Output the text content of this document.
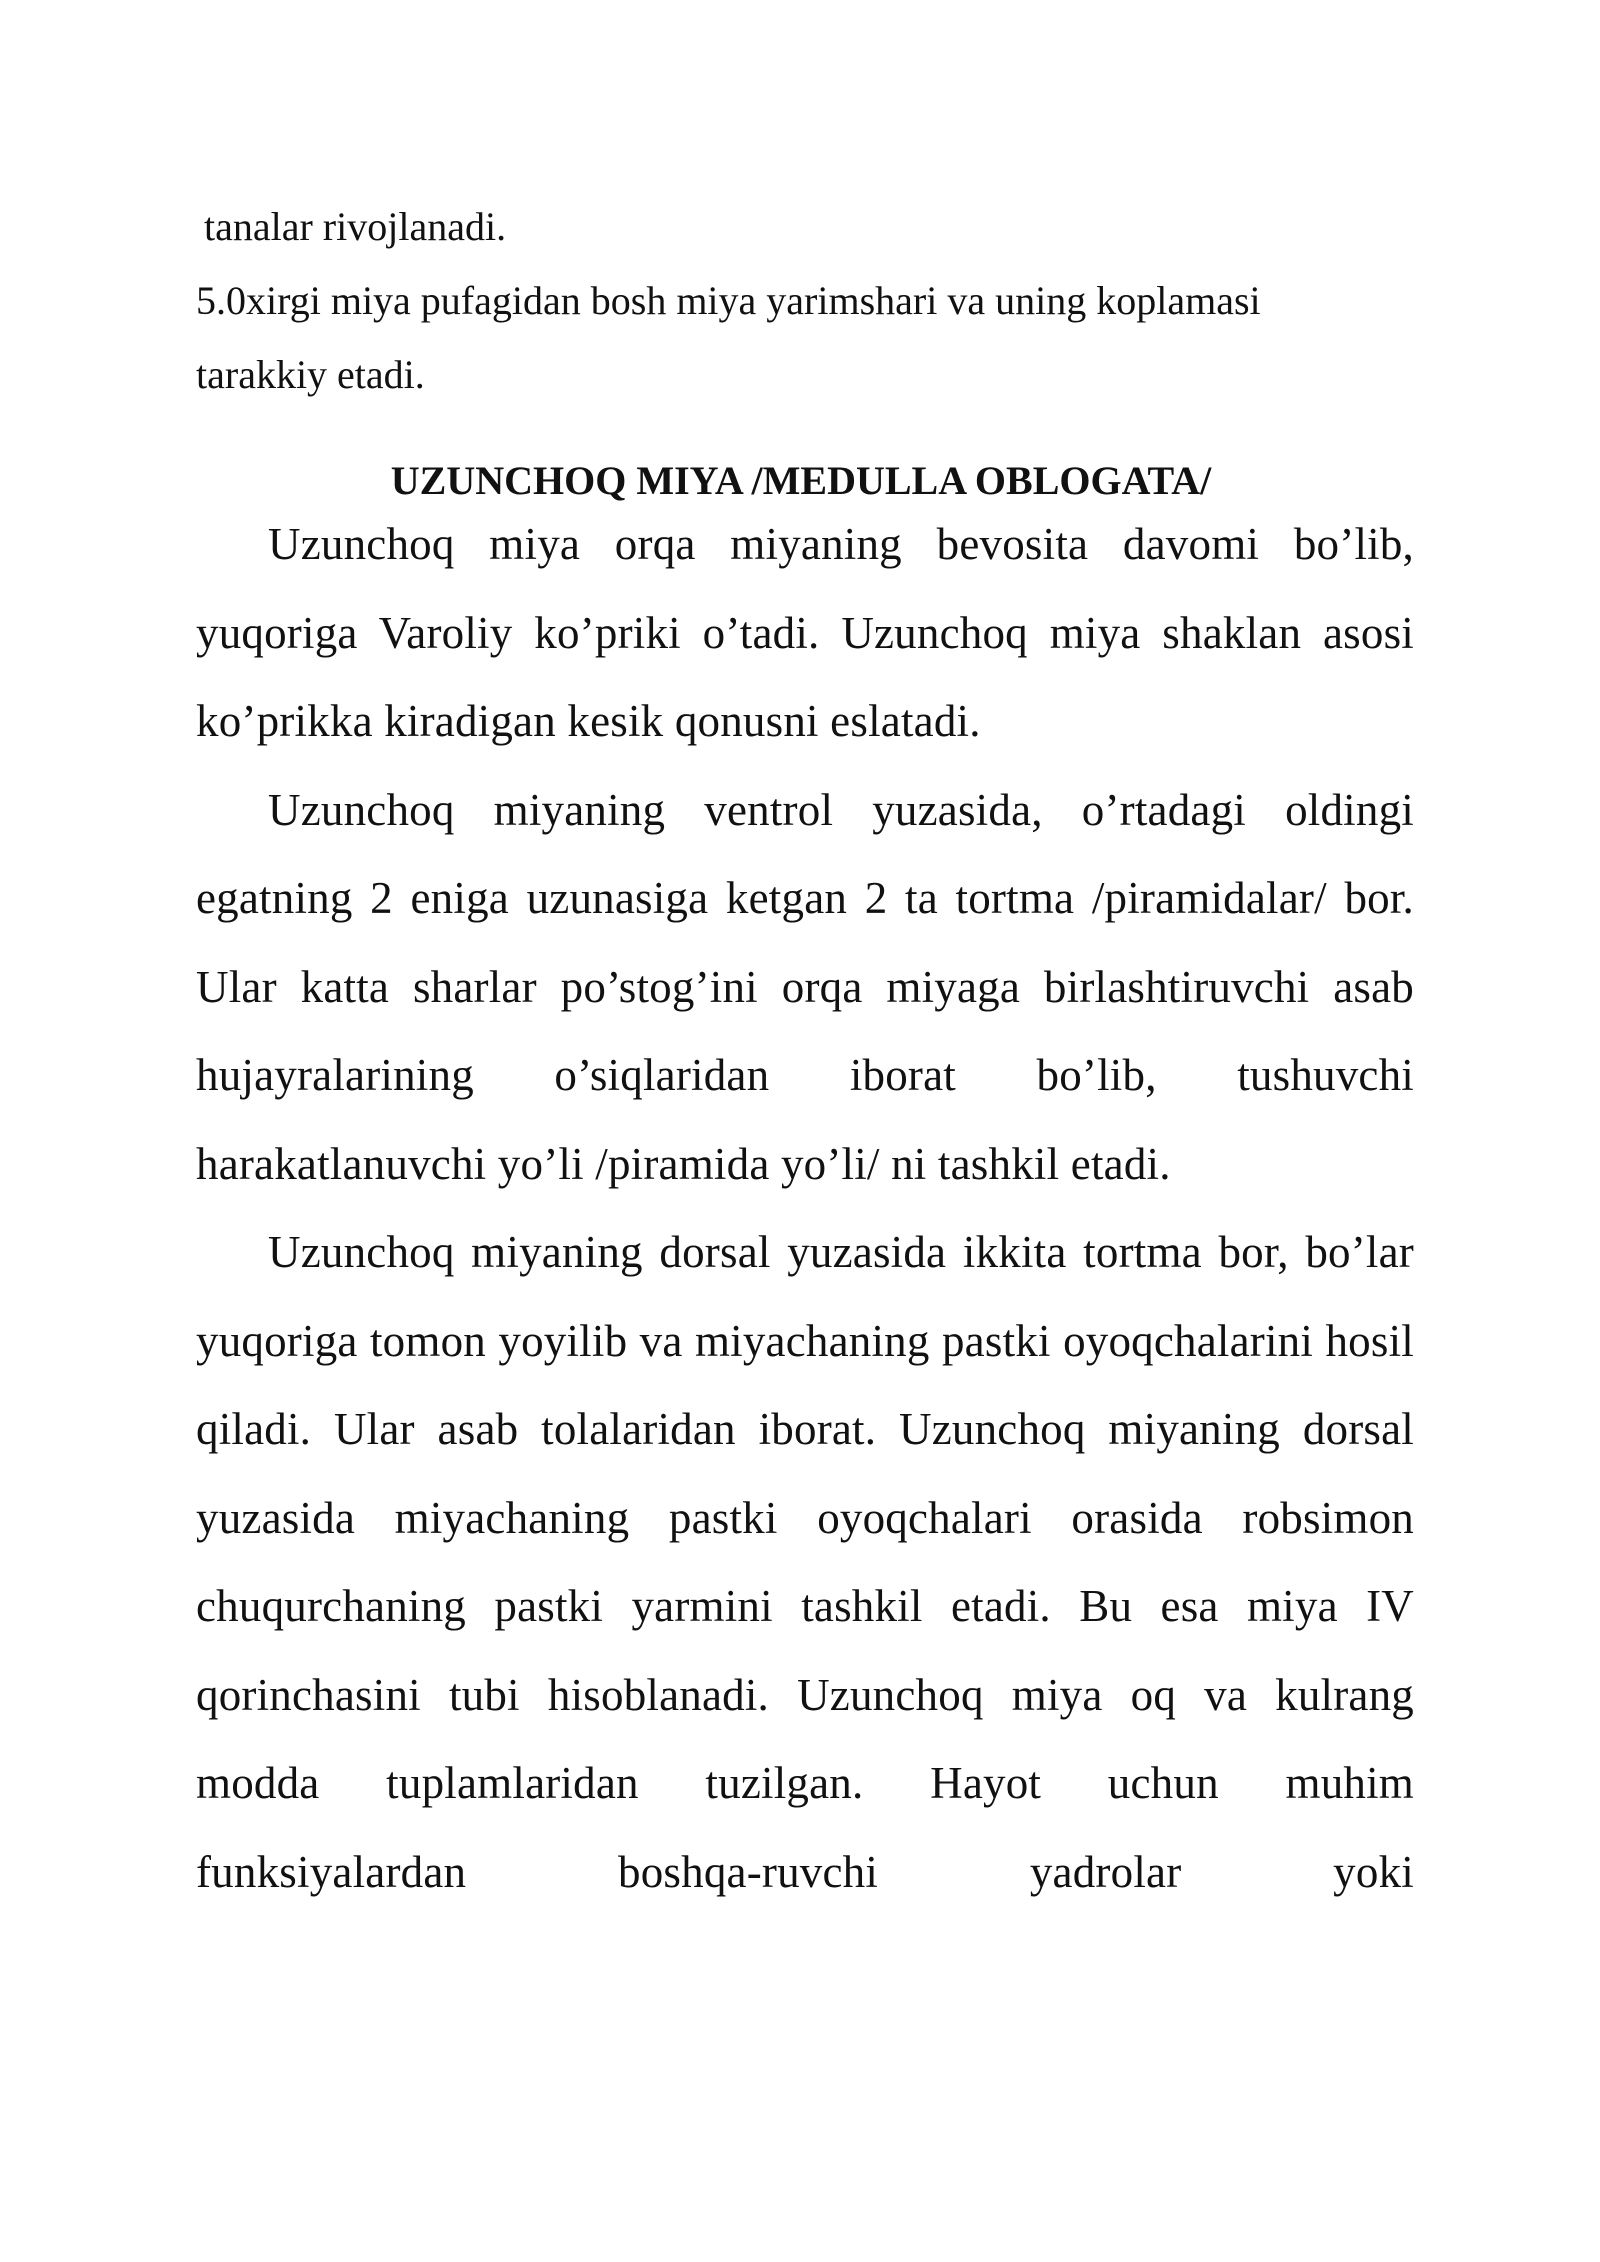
tanalar rivojlanadi.

5.0xirgi miya pufagidan bosh miya yarimshari va uning koplamasi

tarakkiy etadi.

UZUNCHOQ MIYA /MEDULLA OBLOGATA/

Uzunchoq miya orqa miyaning bevosita davomi bo’lib, yuqoriga Varoliy ko’priki o’tadi. Uzunchoq miya shaklan asosi ko’prikka kiradigan kesik qonusni eslatadi.

Uzunchoq miyaning ventrol yuzasida, o’rtadagi oldingi egatning 2 eniga uzunasiga ketgan 2 ta tortma /piramidalar/ bor. Ular katta sharlar po’stog’ini orqa miyaga birlashtiruvchi asab hujayralarining o’siqlaridan iborat bo’lib, tushuvchi harakatlanuvchi yo’li /piramida yo’li/ ni tashkil etadi.

Uzunchoq miyaning dorsal yuzasida ikkita tortma bor, bo’lar yuqoriga tomon yoyilib va miyachaning pastki oyoqchalarini hosil qiladi. Ular asab tolalaridan iborat. Uzunchoq miyaning dorsal yuzasida miyachaning pastki oyoqchalari orasida robsimon chuqurchaning pastki yarmini tashkil etadi. Bu esa miya IV qorinchasini tubi hisoblanadi. Uzunchoq miya oq va kulrang modda tuplamlaridan tuzilgan. Hayot uchun muhim funksiyalardan boshqa-ruvchi yadrolar yoki
